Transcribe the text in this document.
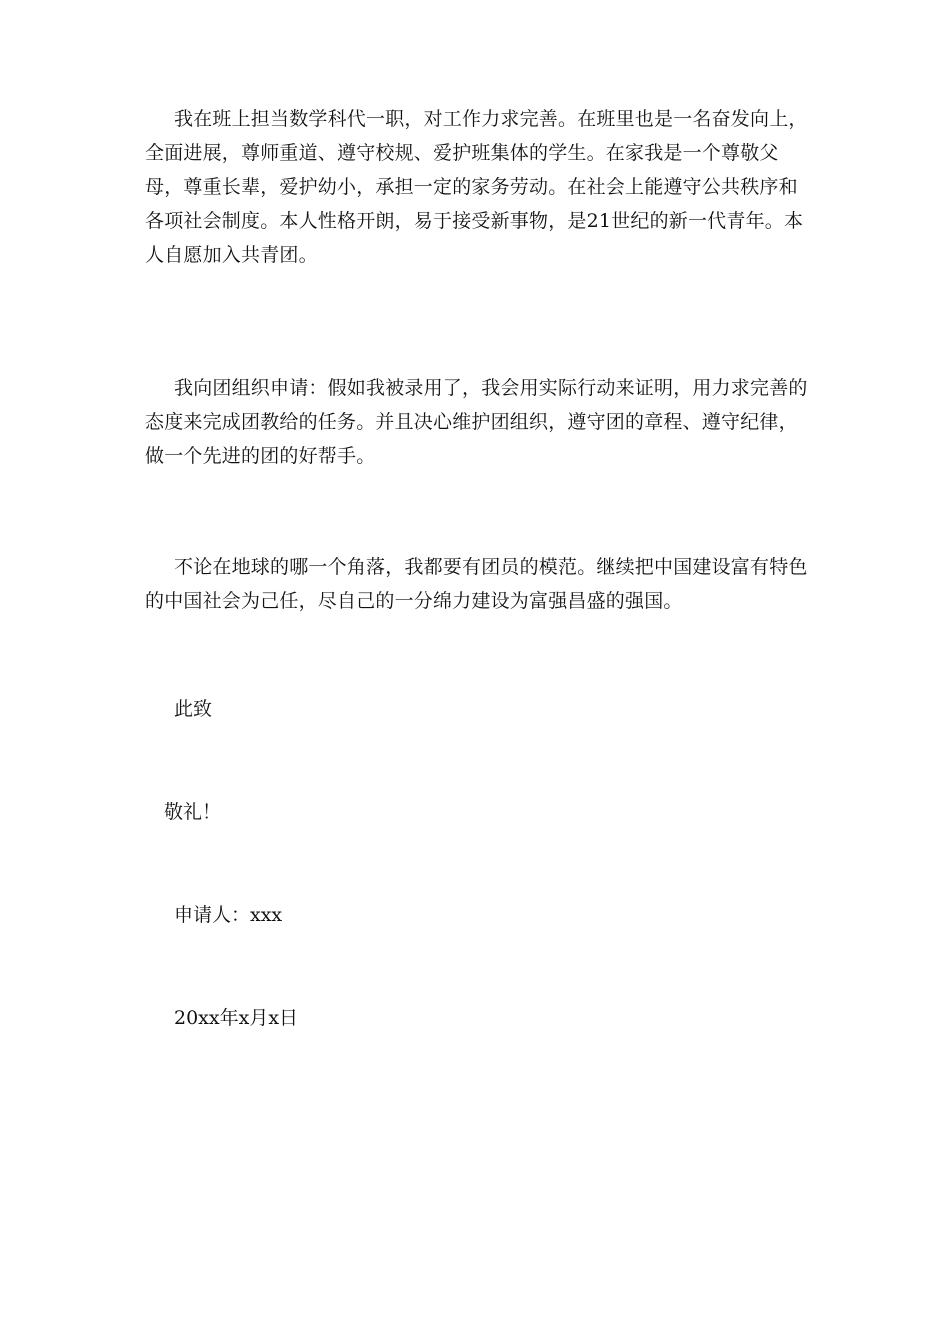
我在班上担当数学科代一职，对工作力求完善。在班里也是一名奋发向上，全面进展，尊师重道、遵守校规、爱护班集体的学生。在家我是一个尊敬父母，尊重长辈，爱护幼小，承担一定的家务劳动。在社会上能遵守公共秩序和各项社会制度。本人性格开朗，易于接受新事物，是21世纪的新一代青年。本人自愿加入共青团。

我向团组织申请：假如我被录用了，我会用实际行动来证明，用力求完善的态度来完成团教给的任务。并且决心维护团组织，遵守团的章程、遵守纪律，做一个先进的团的好帮手。

不论在地球的哪一个角落，我都要有团员的模范。继续把中国建设富有特色的中国社会为己任，尽自己的一分绵力建设为富强昌盛的强国。

此致

敬礼！

申请人：xxx

20xx年x月x日
